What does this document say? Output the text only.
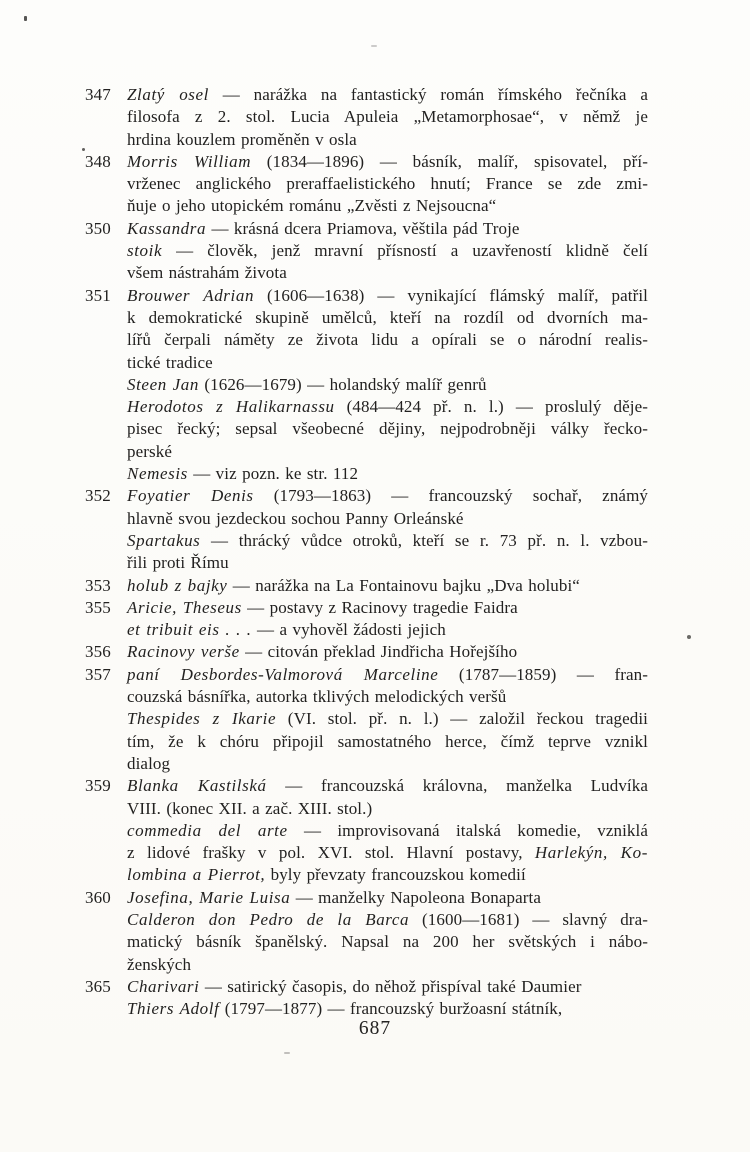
347 Zlatý osel — narážka na fantastický román římského řečníka a
filosofa z 2. stol. Lucia Apuleia „Metamorphosae“, v němž je
hrdina kouzlem proměněn v osla
348 Morris William (1834—1896) — básník, malíř, spisovatel, pří-
vrženec anglického preraffaelistického hnutí; France se zde zmi-
ňuje o jeho utopickém románu „Zvěsti z Nejsoucna“
350 Kassandra — krásná dcera Priamova, věštila pád Troje
stoik — člověk, jenž mravní přísností a uzavřeností klidně čelí
všem nástrahám života
351 Brouwer Adrian (1606—1638) — vynikající flámský malíř, patřil
k demokratické skupině umělců, kteří na rozdíl od dvorních ma-
lířů čerpali náměty ze života lidu a opírali se o národní realis-
tické tradice
Steen Jan (1626—1679) — holandský malíř genrů
Herodotos z Halikarnassu (484—424 př. n. l.) — proslulý děje-
pisec řecký; sepsal všeobecné dějiny, nejpodrobněji války řecko-
perské
Nemesis — viz pozn. ke str. 112
352 Foyatier Denis (1793—1863) — francouzský sochař, známý
hlavně svou jezdeckou sochou Panny Orleánské
Spartakus — thrácký vůdce otroků, kteří se r. 73 př. n. l. vzbou-
řili proti Římu
353 holub z bajky — narážka na La Fontainovu bajku „Dva holubi“
355 Aricie, Theseus — postavy z Racinovy tragedie Faidra
et tribuit eis . . . — a vyhověl žádosti jejich
356 Racinovy verše — citován překlad Jindřicha Hořejšího
357 paní Desbordes-Valmorová Marceline (1787—1859) — fran-
couzská básnířka, autorka tklivých melodických veršů
Thespides z Ikarie (VI. stol. př. n. l.) — založil řeckou tragedii
tím, že k chóru připojil samostatného herce, čímž teprve vznikl
dialog
359 Blanka Kastilská — francouzská královna, manželka Ludvíka
VIII. (konec XII. a zač. XIII. stol.)
commedia del arte — improvisovaná italská komedie, vzniklá
z lidové frašky v pol. XVI. stol. Hlavní postavy, Harlekýn, Ko-
lombina a Pierrot, byly převzaty francouzskou komedií
360 Josefina, Marie Luisa — manželky Napoleona Bonaparta
Calderon don Pedro de la Barca (1600—1681) — slavný dra-
matický básník španělský. Napsal na 200 her světských i nábo-
ženských
365 Charivari — satirický časopis, do něhož přispíval také Daumier
Thiers Adolf (1797—1877) — francouzský buržoasní státník,
687
